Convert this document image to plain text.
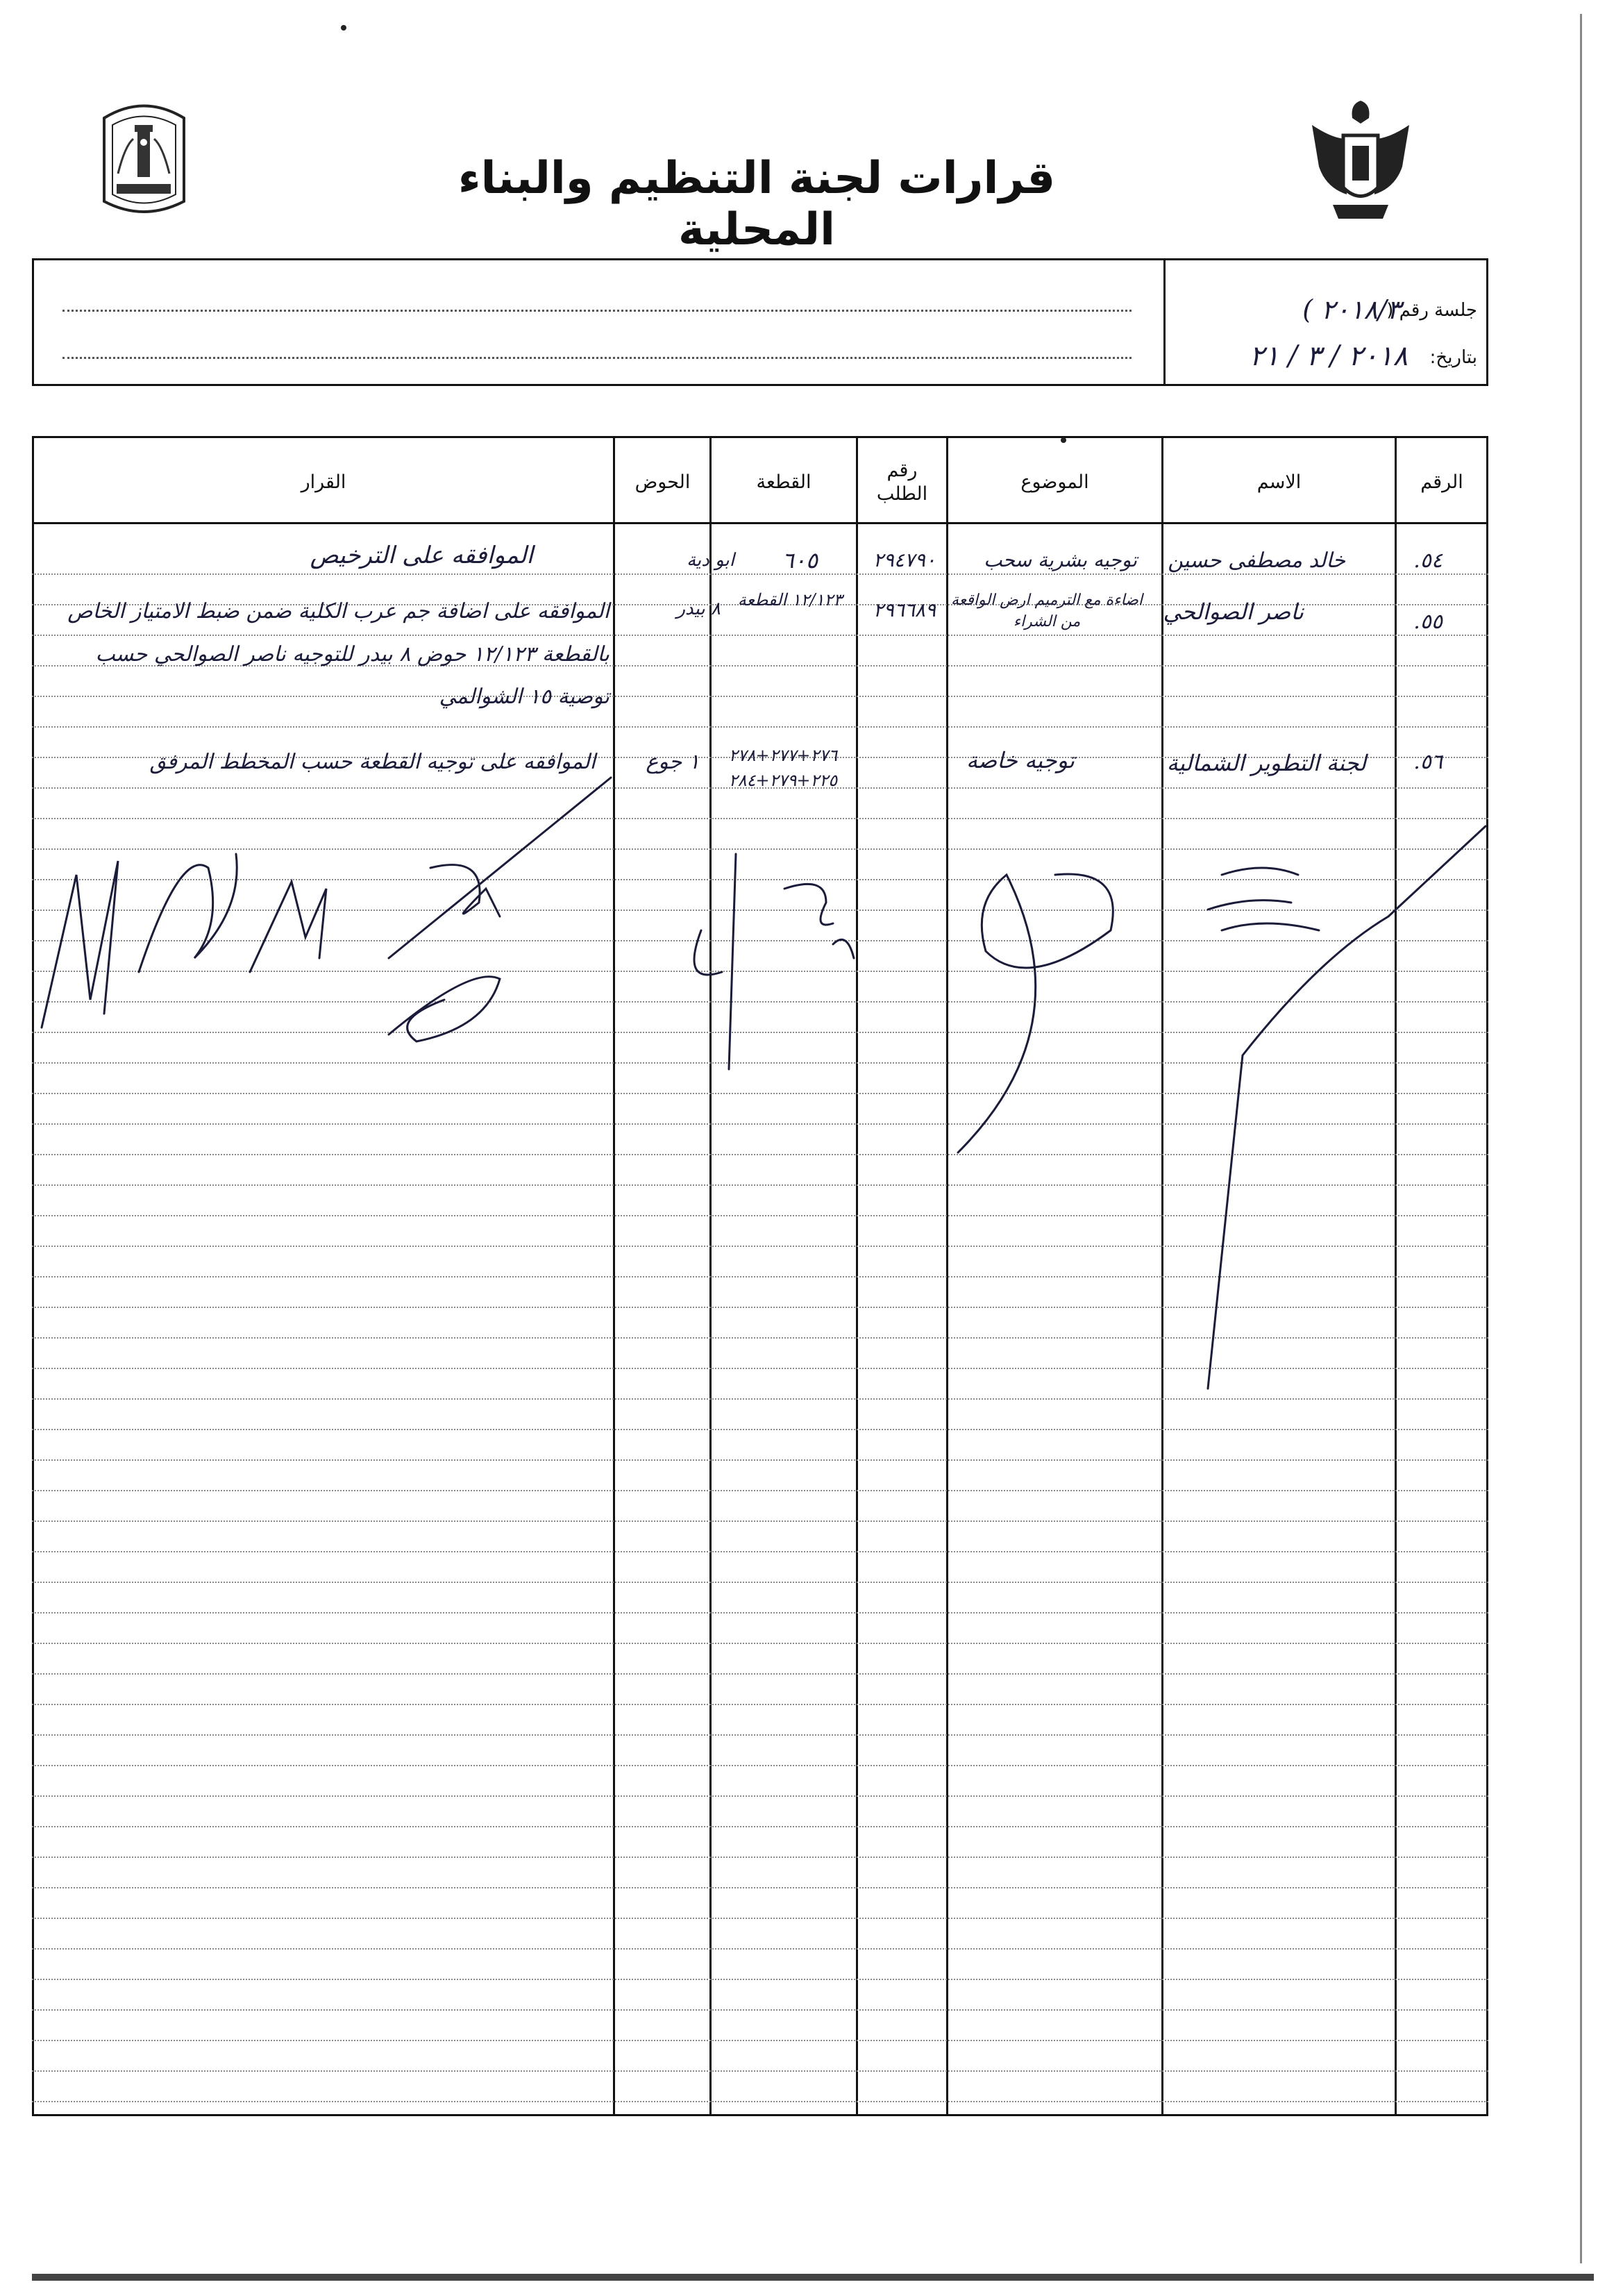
قرارات لجنة التنظيم والبناء المحلية
جلسة رقم (
٢٠١٨/٣ )
بتاريخ:
٢٠١٨ / ٣ / ٢١
الرقم
الاسم
الموضوع
رقم الطلب
القطعة
الحوض
القرار
٥٤.
خالد مصطفى حسين
توجيه بشرية سحب
٢٩٤٧٩٠
٦٠٥
ابو دية
الموافقه على الترخيص
٥٥.
ناصر الصوالحي
اضاءة مع الترميم ارض الواقعة من الشراء
٢٩٦٦٨٩
١٢/١٢٣ القطعة
٨ بيدر
الموافقه على اضافة جم عرب الكلية ضمن ضبط الامتياز الخاص بالقطعة ١٢/١٢٣ حوض ٨ بيدر للتوجيه ناصر الصوالحي حسب توصية ١٥ الشوالمي
٥٦.
لجنة التطوير الشمالية
توجيه خاصة
٢٧٦+٢٧٧+٢٧٨ ٢٢٥+٢٧٩+٢٨٤
١ جوع
الموافقه على توجيه القطعة حسب المخطط المرفق
